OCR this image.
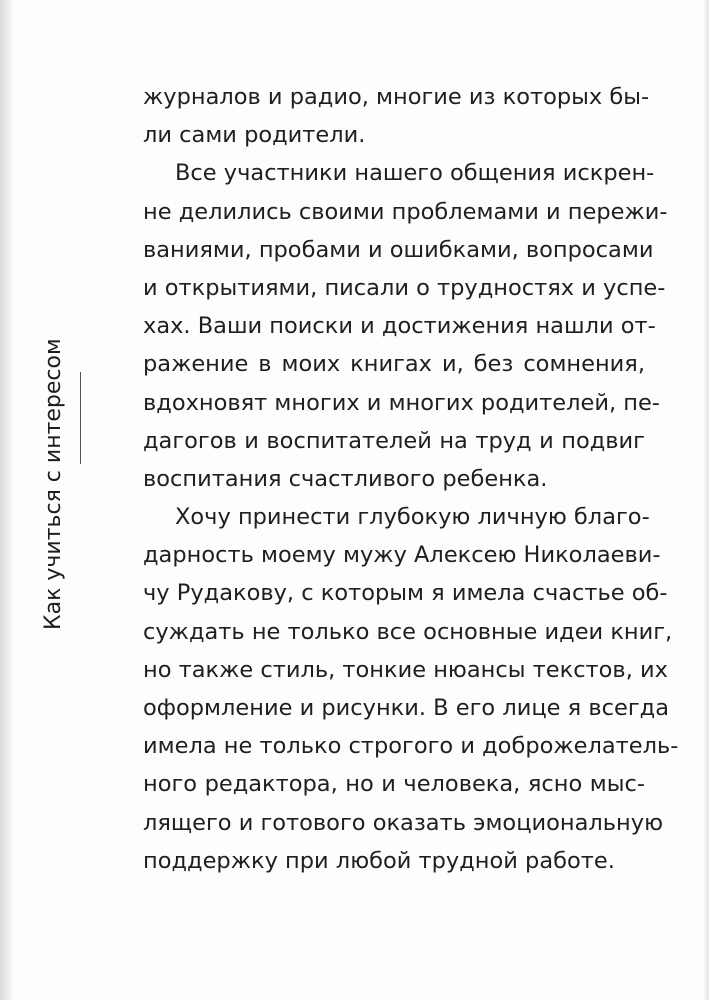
Как учиться с интересом
журналов и радио, многие из которых бы-
ли сами родители.
Все участники нашего общения искрен-
не делились своими проблемами и пережи-
ваниями, пробами и ошибками, вопросами
и открытиями, писали о трудностях и успе-
хах. Ваши поиски и достижения нашли от-
ражение в моих книгах и, без сомнения,
вдохновят многих и многих родителей, пе-
дагогов и воспитателей на труд и подвиг
воспитания счастливого ребенка.
Хочу принести глубокую личную благо-
дарность моему мужу Алексею Николаеви-
чу Рудакову, с которым я имела счастье об-
суждать не только все основные идеи книг,
но также стиль, тонкие нюансы текстов, их
оформление и рисунки. В его лице я всегда
имела не только строгого и доброжелатель-
ного редактора, но и человека, ясно мыс-
лящего и готового оказать эмоциональную
поддержку при любой трудной работе.
